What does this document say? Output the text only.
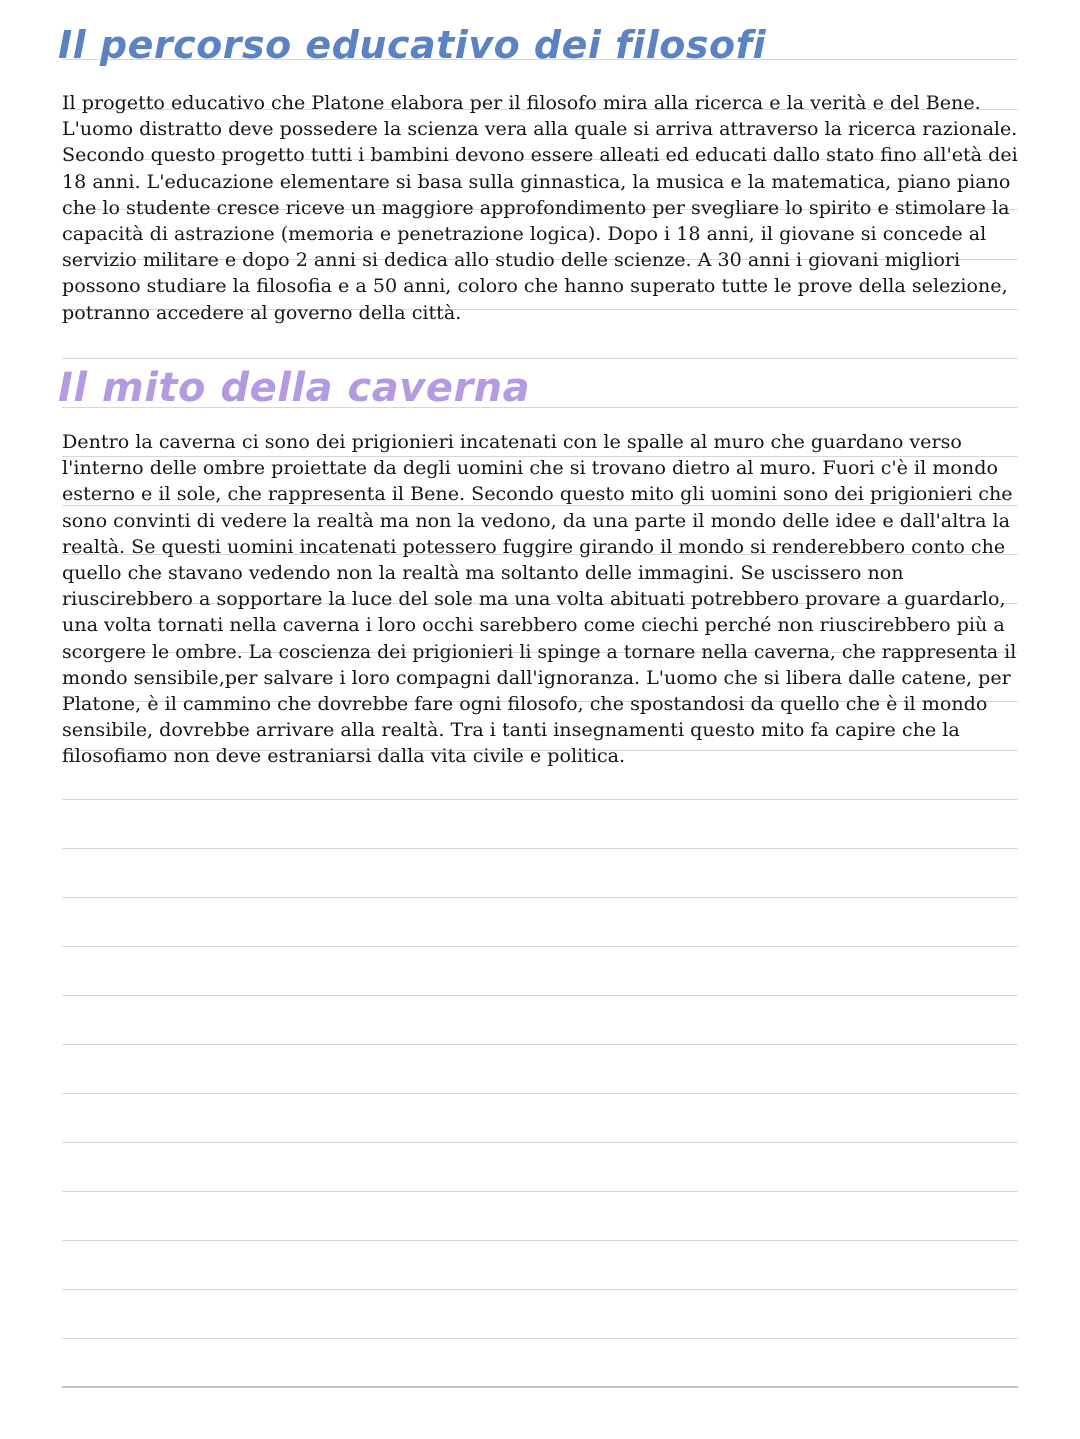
Il percorso educativo dei filosofi
Il progetto educativo che Platone elabora per il filosofo mira alla ricerca e la verità e del Bene.
L'uomo distratto deve possedere la scienza vera alla quale si arriva attraverso la ricerca razionale.
Secondo questo progetto tutti i bambini devono essere alleati ed educati dallo stato fino all'età dei
18 anni. L'educazione elementare si basa sulla ginnastica, la musica e la matematica, piano piano
che lo studente cresce riceve un maggiore approfondimento per svegliare lo spirito e stimolare la
capacità di astrazione (memoria e penetrazione logica). Dopo i 18 anni, il giovane si concede al
servizio militare e dopo 2 anni si dedica allo studio delle scienze. A 30 anni i giovani migliori
possono studiare la filosofia e a 50 anni, coloro che hanno superato tutte le prove della selezione,
potranno accedere al governo della città.
Il mito della caverna
Dentro la caverna ci sono dei prigionieri incatenati con le spalle al muro che guardano verso
l'interno delle ombre proiettate da degli uomini che si trovano dietro al muro. Fuori c'è il mondo
esterno e il sole, che rappresenta il Bene. Secondo questo mito gli uomini sono dei prigionieri che
sono convinti di vedere la realtà ma non la vedono, da una parte il mondo delle idee e dall'altra la
realtà. Se questi uomini incatenati potessero fuggire girando il mondo si renderebbero conto che
quello che stavano vedendo non la realtà ma soltanto delle immagini. Se uscissero non
riuscirebbero a sopportare la luce del sole ma una volta abituati potrebbero provare a guardarlo,
una volta tornati nella caverna i loro occhi sarebbero come ciechi perché non riuscirebbero più a
scorgere le ombre. La coscienza dei prigionieri li spinge a tornare nella caverna, che rappresenta il
mondo sensibile,per salvare i loro compagni dall'ignoranza. L'uomo che si libera dalle catene, per
Platone, è il cammino che dovrebbe fare ogni filosofo, che spostandosi da quello che è il mondo
sensibile, dovrebbe arrivare alla realtà. Tra i tanti insegnamenti questo mito fa capire che la
filosofiamo non deve estraniarsi dalla vita civile e politica.
